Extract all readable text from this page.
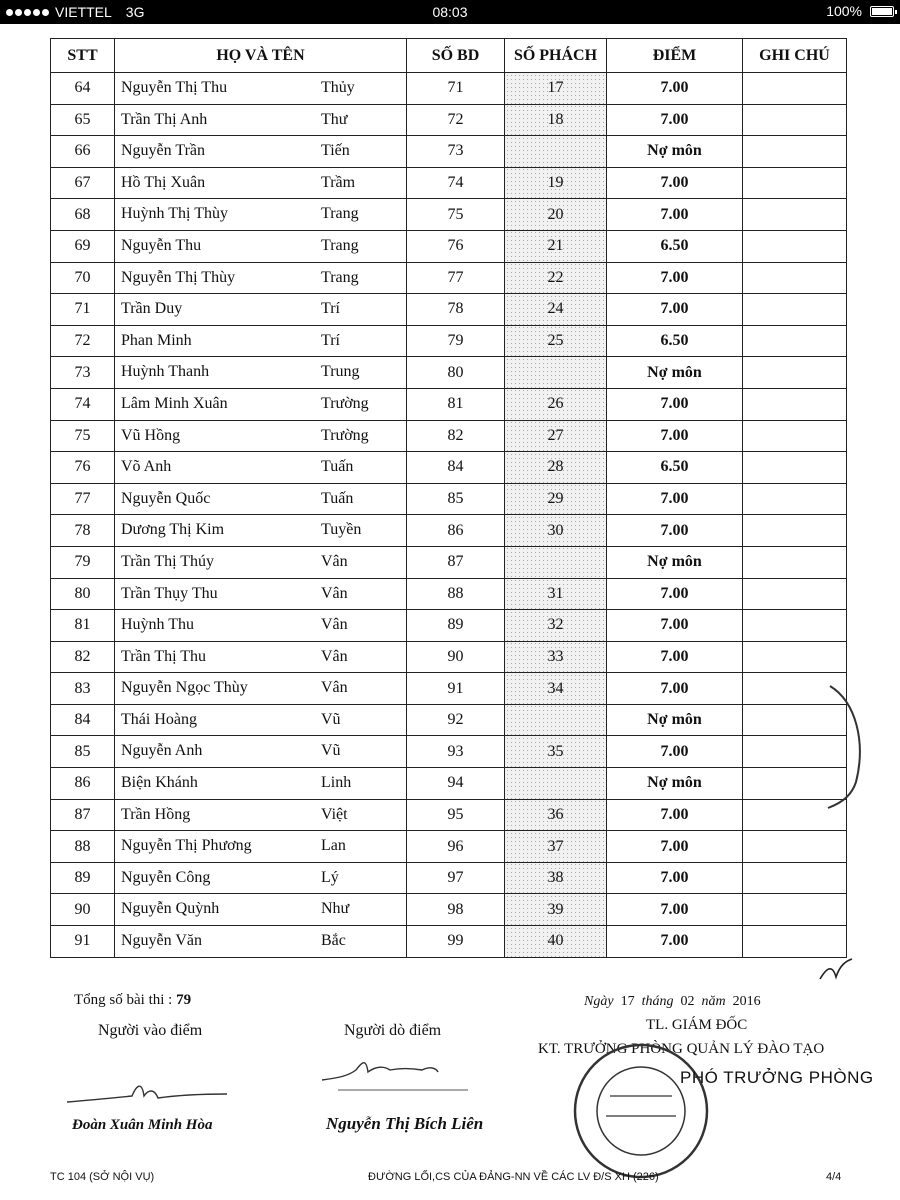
VIETTEL 3G	08:03	100%
STT	HỌ VÀ TÊN	SỐ BD	SỐ PHÁCH	ĐIỂM	GHI CHÚ
64	Nguyễn Thị Thu Thủy	71	17	7.00	
65	Trần Thị Anh Thư	72	18	7.00	
66	Nguyễn Trần Tiến	73		Nợ môn	
67	Hồ Thị Xuân Trầm	74	19	7.00	
68	Huỳnh Thị Thùy Trang	75	20	7.00	
69	Nguyễn Thu Trang	76	21	6.50	
70	Nguyễn Thị Thùy Trang	77	22	7.00	
71	Trần Duy Trí	78	24	7.00	
72	Phan Minh Trí	79	25	6.50	
73	Huỳnh Thanh Trung	80		Nợ môn	
74	Lâm Minh Xuân Trường	81	26	7.00	
75	Vũ Hồng Trường	82	27	7.00	
76	Võ Anh Tuấn	84	28	6.50	
77	Nguyễn Quốc Tuấn	85	29	7.00	
78	Dương Thị Kim Tuyền	86	30	7.00	
79	Trần Thị Thúy Vân	87		Nợ môn	
80	Trần Thụy Thu Vân	88	31	7.00	
81	Huỳnh Thu Vân	89	32	7.00	
82	Trần Thị Thu Vân	90	33	7.00	
83	Nguyễn Ngọc Thùy Vân	91	34	7.00	
84	Thái Hoàng Vũ	92		Nợ môn	
85	Nguyễn Anh Vũ	93	35	7.00	
86	Biện Khánh Linh	94		Nợ môn	
87	Trần Hồng Việt	95	36	7.00	
88	Nguyễn Thị Phương Lan	96	37	7.00	
89	Nguyễn Công Lý	97	38	7.00	
90	Nguyễn Quỳnh Như	98	39	7.00	
91	Nguyễn Văn Bắc	99	40	7.00	
Tổng số bài thi : 79	Ngày 17 tháng 02 năm 2016
TL. GIÁM ĐỐC
KT. TRƯỞNG PHÒNG QUẢN LÝ ĐÀO TẠO
Người vào điểm	Người dò điểm
Đoàn Xuân Minh Hòa	Nguyễn Thị Bích Liên
PHÓ TRƯỞNG PHÒNG
TC 104 (SỞ NỘI VỤ)	ĐƯỜNG LỐI,CS CỦA ĐẢNG-NN VỀ CÁC LV Đ/S XH (226)	4/4
